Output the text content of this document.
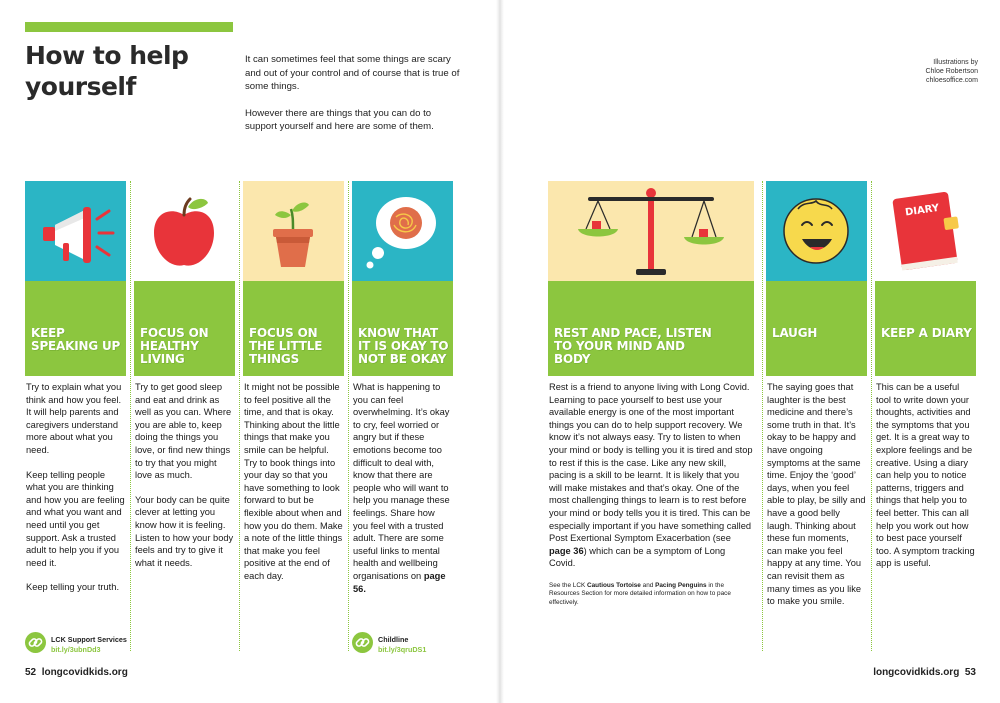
How to help yourself

It can sometimes feel that some things are scary and out of your control and of course that is true of some things.

However there are things that you can do to support yourself and here are some of them.

Illustrations by
Chloe Robertson
chloesoffice.com
KEEP SPEAKING UP

Try to explain what you think and how you feel. It will help parents and caregivers understand more about what you need.

Keep telling people what you are thinking and how you are feeling and what you want and need until you get support. Ask a trusted adult to help you if you need it.

Keep telling your truth.

LCK Support Services
bit.ly/3ubnDd3
FOCUS ON HEALTHY LIVING

Try to get good sleep and eat and drink as well as you can. Where you are able to, keep doing the things you love, or find new things to try that you might love as much.

Your body can be quite clever at letting you know how it is feeling. Listen to how your body feels and try to give it what it needs.

FOCUS ON THE LITTLE THINGS

It might not be possible to feel positive all the time, and that is okay. Thinking about the little things that make you smile can be helpful. Try to book things into your day so that you have something to look forward to but be flexible about when and how you do them. Make a note of the little things that make you feel positive at the end of each day.

KNOW THAT IT IS OKAY TO NOT BE OKAY

What is happening to you can feel overwhelming. It’s okay to cry, feel worried or angry but if these emotions become too difficult to deal with, know that there are people who will want to help you manage these feelings. Share how you feel with a trusted adult. There are some useful links to mental health and wellbeing organisations on page 56.

Childline
bit.ly/3qruDS1
REST AND PACE, LISTEN TO YOUR MIND AND BODY

Rest is a friend to anyone living with Long Covid. Learning to pace yourself to best use your available energy is one of the most important things you can do to help support recovery. We know it’s not always easy. Try to listen to when your mind or body is telling you it is tired and stop to rest if this is the case. Like any new skill, pacing is a skill to be learnt. It is likely that you will make mistakes and that’s okay. One of the most challenging things to learn is to rest before your mind or body tells you it is tired. This can be especially important if you have something called Post Exertional Symptom Exacerbation (see page 36) which can be a symptom of Long Covid.

See the LCK Cautious Tortoise and Pacing Penguins in the Resources Section for more detailed information on how to pace effectively.
LAUGH

The saying goes that laughter is the best medicine and there’s some truth in that. It’s okay to be happy and have ongoing symptoms at the same time. Enjoy the ‘good’ days, when you feel able to play, be silly and have a good belly laugh. Thinking about these fun moments, can make you feel happy at any time. You can revisit them as many times as you like to make you smile.

DIARY
KEEP A DIARY

This can be a useful tool to write down your thoughts, activities and the symptoms that you get. It is a great way to explore feelings and be creative. Using a diary can help you to notice patterns, triggers and things that help you to feel better. This can all help you work out how to best pace yourself too. A symptom tracking app is useful.

52 longcovidkids.org	longcovidkids.org 53
